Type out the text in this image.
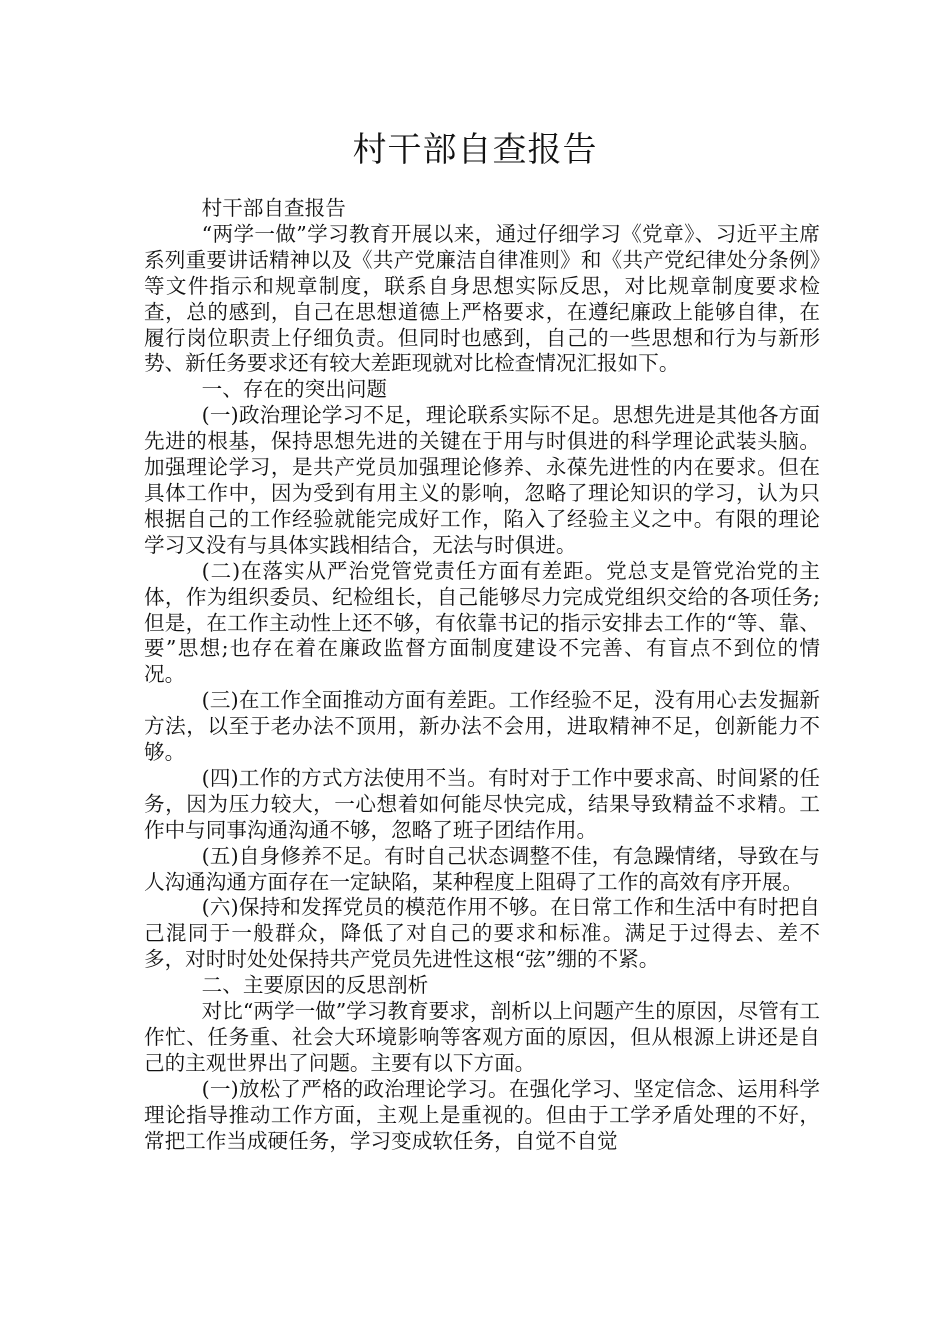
村干部自查报告

村干部自查报告

“两学一做”学习教育开展以来，通过仔细学习《党章》、习近平主席系列重要讲话精神以及《共产党廉洁自律准则》和《共产党纪律处分条例》等文件指示和规章制度，联系自身思想实际反思，对比规章制度要求检查，总的感到，自己在思想道德上严格要求，在遵纪廉政上能够自律，在履行岗位职责上仔细负责。但同时也感到，自己的一些思想和行为与新形势、新任务要求还有较大差距现就对比检查情况汇报如下。

一、存在的突出问题

(一)政治理论学习不足，理论联系实际不足。思想先进是其他各方面先进的根基，保持思想先进的关键在于用与时俱进的科学理论武装头脑。加强理论学习，是共产党员加强理论修养、永葆先进性的内在要求。但在具体工作中，因为受到有用主义的影响，忽略了理论知识的学习，认为只根据自己的工作经验就能完成好工作，陷入了经验主义之中。有限的理论学习又没有与具体实践相结合，无法与时俱进。

(二)在落实从严治党管党责任方面有差距。党总支是管党治党的主体，作为组织委员、纪检组长，自己能够尽力完成党组织交给的各项任务;但是，在工作主动性上还不够，有依靠书记的指示安排去工作的“等、靠、要”思想;也存在着在廉政监督方面制度建设不完善、有盲点不到位的情况。

(三)在工作全面推动方面有差距。工作经验不足，没有用心去发掘新方法，以至于老办法不顶用，新办法不会用，进取精神不足，创新能力不够。

(四)工作的方式方法使用不当。有时对于工作中要求高、时间紧的任务，因为压力较大，一心想着如何能尽快完成，结果导致精益不求精。工作中与同事沟通沟通不够，忽略了班子团结作用。

(五)自身修养不足。有时自己状态调整不佳，有急躁情绪，导致在与人沟通沟通方面存在一定缺陷，某种程度上阻碍了工作的高效有序开展。

(六)保持和发挥党员的模范作用不够。在日常工作和生活中有时把自己混同于一般群众，降低了对自己的要求和标准。满足于过得去、差不多，对时时处处保持共产党员先进性这根“弦”绷的不紧。

二、主要原因的反思剖析

对比“两学一做”学习教育要求，剖析以上问题产生的原因，尽管有工作忙、任务重、社会大环境影响等客观方面的原因，但从根源上讲还是自己的主观世界出了问题。主要有以下方面。

(一)放松了严格的政治理论学习。在强化学习、坚定信念、运用科学理论指导推动工作方面，主观上是重视的。但由于工学矛盾处理的不好，常把工作当成硬任务，学习变成软任务，自觉不自觉
